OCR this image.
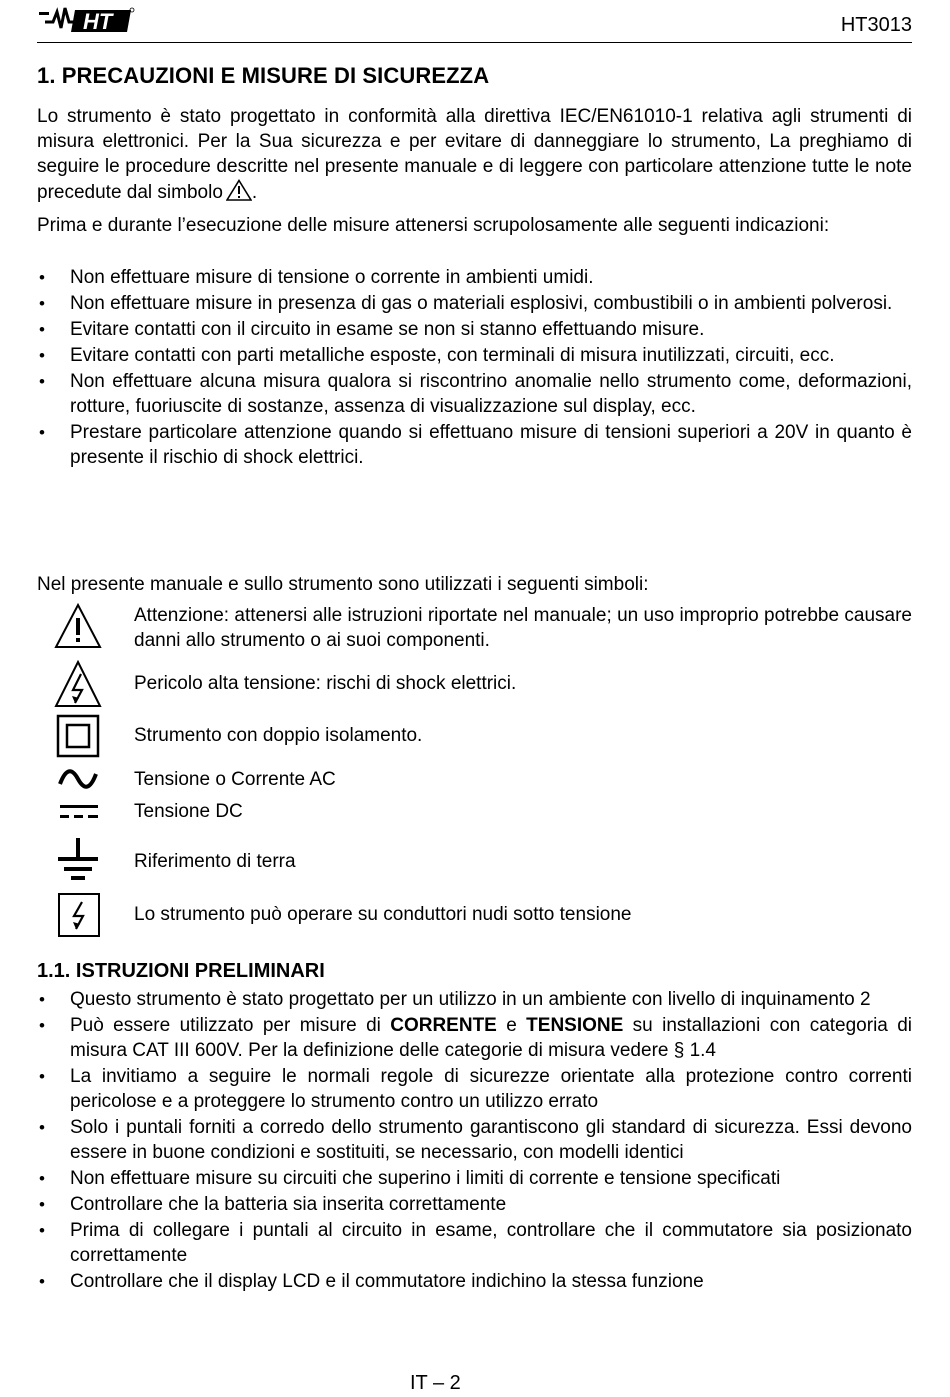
HT	HT3013
1. PRECAUZIONI E MISURE DI SICUREZZA

Lo strumento è stato progettato in conformità alla direttiva IEC/EN61010-1 relativa agli strumenti di misura elettronici. Per la Sua sicurezza e per evitare di danneggiare lo strumento, La preghiamo di seguire le procedure descritte nel presente manuale e di leggere con particolare attenzione tutte le note precedute dal simbolo .

Prima e durante l’esecuzione delle misure attenersi scrupolosamente alle seguenti indicazioni:

• Non effettuare misure di tensione o corrente in ambienti umidi.
• Non effettuare misure in presenza di gas o materiali esplosivi, combustibili o in ambienti polverosi.
• Evitare contatti con il circuito in esame se non si stanno effettuando misure.
• Evitare contatti con parti metalliche esposte, con terminali di misura inutilizzati, circuiti, ecc.
• Non effettuare alcuna misura qualora si riscontrino anomalie nello strumento come, deformazioni, rotture, fuoriuscite di sostanze, assenza di visualizzazione sul display, ecc.
• Prestare particolare attenzione quando si effettuano misure di tensioni superiori a 20V in quanto è presente il rischio di shock elettrici.

Nel presente manuale e sullo strumento sono utilizzati i seguenti simboli:

Attenzione: attenersi alle istruzioni riportate nel manuale; un uso improprio potrebbe causare danni allo strumento o ai suoi componenti.
Pericolo alta tensione: rischi di shock elettrici.
Strumento con doppio isolamento.
Tensione o Corrente AC
Tensione DC
Riferimento di terra
Lo strumento può operare su conduttori nudi sotto tensione
1.1. ISTRUZIONI PRELIMINARI
• Questo strumento è stato progettato per un utilizzo in un ambiente con livello di inquinamento 2
• Può essere utilizzato per misure di CORRENTE e TENSIONE su installazioni con categoria di misura CAT III 600V. Per la definizione delle categorie di misura vedere § 1.4
• La invitiamo a seguire le normali regole di sicurezze orientate alla protezione contro correnti pericolose e a proteggere lo strumento contro un utilizzo errato
• Solo i puntali forniti a corredo dello strumento garantiscono gli standard di sicurezza. Essi devono essere in buone condizioni e sostituiti, se necessario, con modelli identici
• Non effettuare misure su circuiti che superino i limiti di corrente e tensione specificati
• Controllare che la batteria sia inserita correttamente
• Prima di collegare i puntali al circuito in esame, controllare che il commutatore sia posizionato correttamente
• Controllare che il display LCD e il commutatore indichino la stessa funzione
IT – 2
